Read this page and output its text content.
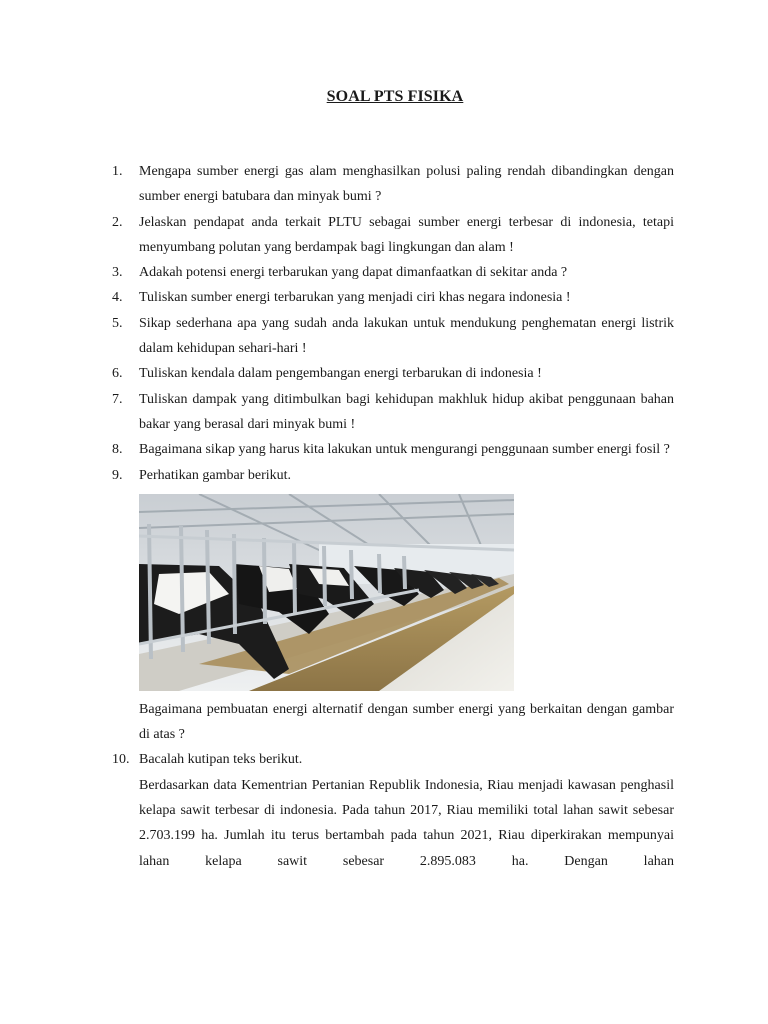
SOAL PTS FISIKA
1.	Mengapa sumber energi gas alam menghasilkan polusi paling rendah dibandingkan dengan sumber energi batubara dan minyak bumi ?
2.	Jelaskan pendapat anda terkait PLTU sebagai sumber energi terbesar di indonesia, tetapi menyumbang polutan yang berdampak bagi lingkungan dan alam !
3.	Adakah potensi energi terbarukan yang dapat dimanfaatkan di sekitar anda ?
4.	Tuliskan sumber energi terbarukan yang menjadi ciri khas negara indonesia !
5.	Sikap sederhana apa yang sudah anda lakukan untuk mendukung penghematan energi listrik dalam kehidupan sehari-hari !
6.	Tuliskan kendala dalam pengembangan energi terbarukan di indonesia !
7.	Tuliskan dampak yang ditimbulkan bagi kehidupan makhluk hidup akibat penggunaan bahan bakar yang berasal dari minyak bumi !
8.	Bagaimana sikap yang harus kita lakukan untuk mengurangi penggunaan sumber energi fosil ?
9.	Perhatikan gambar berikut.
Bagaimana pembuatan energi alternatif dengan sumber energi yang berkaitan dengan gambar di atas ?
10. Bacalah kutipan teks berikut.
Berdasarkan data Kementrian Pertanian Republik Indonesia, Riau menjadi kawasan penghasil kelapa sawit terbesar di indonesia. Pada tahun 2017, Riau memiliki total lahan sawit sebesar 2.703.199 ha. Jumlah itu terus bertambah pada tahun 2021, Riau diperkirakan mempunyai lahan kelapa sawit sebesar 2.895.083 ha. Dengan lahan
